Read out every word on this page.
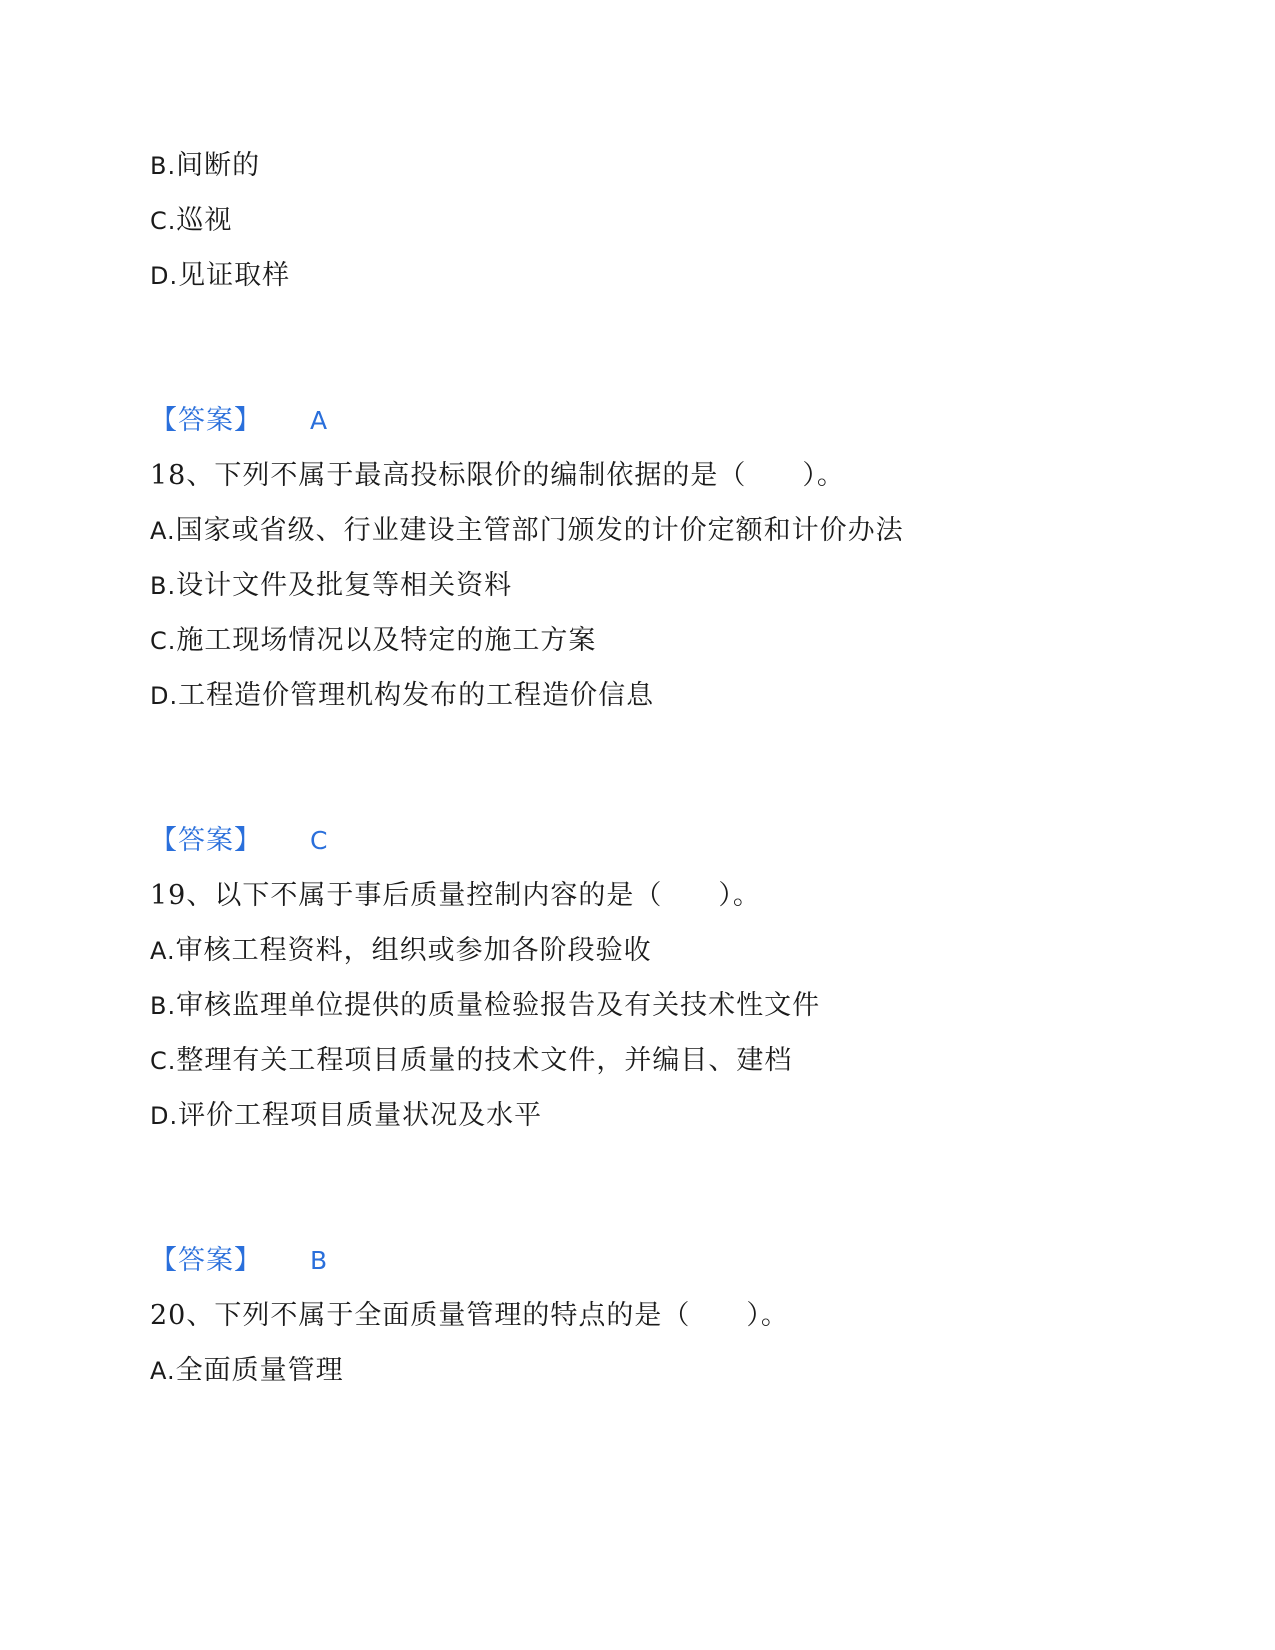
B.间断的
C.巡视
D.见证取样
【答案】 A
18、下列不属于最高投标限价的编制依据的是（　　）。
A.国家或省级、行业建设主管部门颁发的计价定额和计价办法
B.设计文件及批复等相关资料
C.施工现场情况以及特定的施工方案
D.工程造价管理机构发布的工程造价信息
【答案】 C
19、以下不属于事后质量控制内容的是（　　）。
A.审核工程资料，组织或参加各阶段验收
B.审核监理单位提供的质量检验报告及有关技术性文件
C.整理有关工程项目质量的技术文件，并编目、建档
D.评价工程项目质量状况及水平
【答案】 B
20、下列不属于全面质量管理的特点的是（　　）。
A.全面质量管理
